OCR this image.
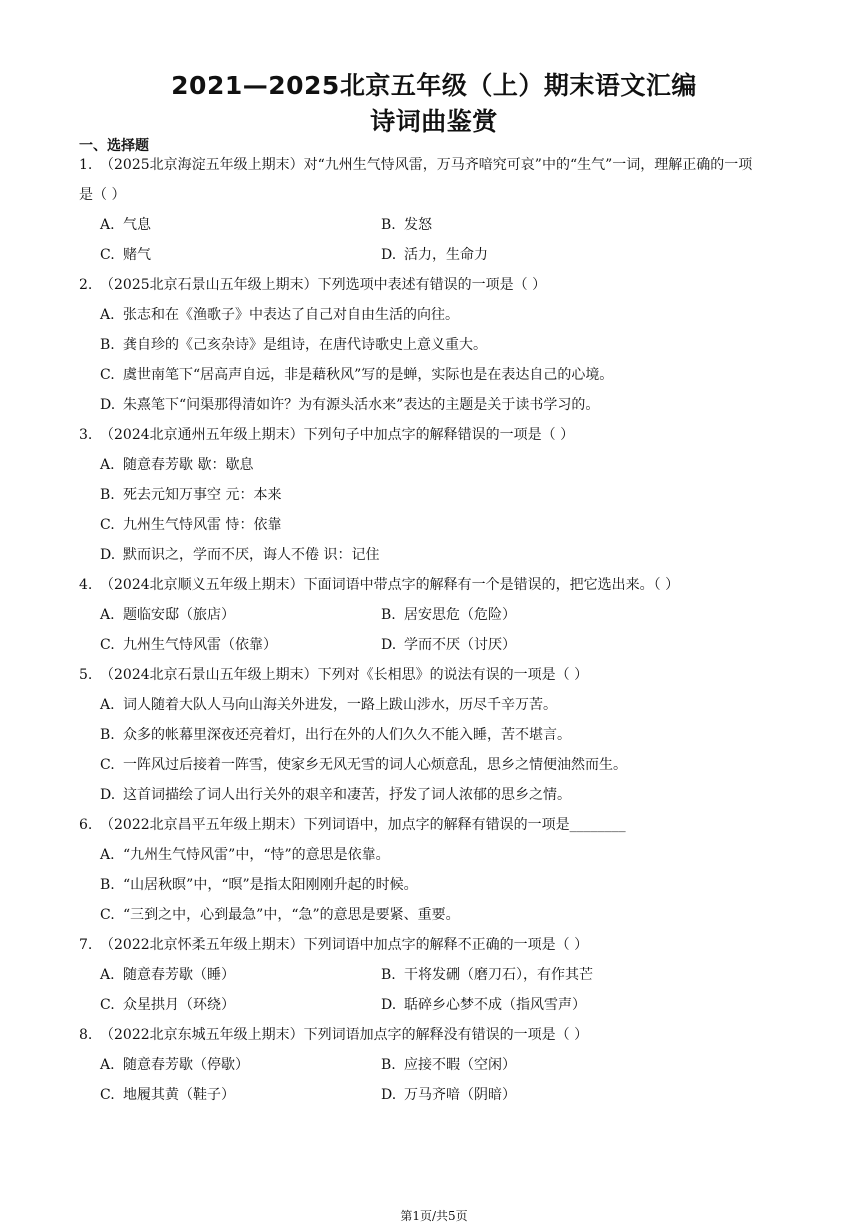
2021—2025北京五年级（上）期末语文汇编
诗词曲鉴赏
一、选择题
1. （2025北京海淀五年级上期末）对“九州生气恃风雷，万马齐喑究可哀”中的“生气”一词，理解正确的一项
是（ ）
A. 气息	B. 发怒
C. 赌气	D. 活力，生命力
2. （2025北京石景山五年级上期末）下列选项中表述有错误的一项是（ ）
A. 张志和在《渔歌子》中表达了自己对自由生活的向往。
B. 龚自珍的《己亥杂诗》是组诗，在唐代诗歌史上意义重大。
C. 虞世南笔下“居高声自远，非是藉秋风”写的是蝉，实际也是在表达自己的心境。
D. 朱熹笔下“问渠那得清如许？为有源头活水来”表达的主题是关于读书学习的。
3. （2024北京通州五年级上期末）下列句子中加点字的解释错误的一项是（ ）
A. 随意春芳歇 歇：歇息
B. 死去元知万事空 元：本来
C. 九州生气恃风雷 恃：依靠
D. 默而识之，学而不厌，诲人不倦 识：记住
4. （2024北京顺义五年级上期末）下面词语中带点字的解释有一个是错误的，把它选出来。（ ）
A. 题临安邸（旅店）	B. 居安思危（危险）
C. 九州生气恃风雷（依靠）	D. 学而不厌（讨厌）
5. （2024北京石景山五年级上期末）下列对《长相思》的说法有误的一项是（ ）
A. 词人随着大队人马向山海关外进发，一路上跋山涉水，历尽千辛万苦。
B. 众多的帐幕里深夜还亮着灯，出行在外的人们久久不能入睡，苦不堪言。
C. 一阵风过后接着一阵雪，使家乡无风无雪的词人心烦意乱，思乡之情便油然而生。
D. 这首词描绘了词人出行关外的艰辛和凄苦，抒发了词人浓郁的思乡之情。
6. （2022北京昌平五年级上期末）下列词语中，加点字的解释有错误的一项是________
A. “九州生气恃风雷”中，“恃”的意思是依靠。
B. “山居秋暝”中，“暝”是指太阳刚刚升起的时候。
C. “三到之中，心到最急”中，“急”的意思是要紧、重要。
7. （2022北京怀柔五年级上期末）下列词语中加点字的解释不正确的一项是（ ）
A. 随意春芳歇（睡）	B. 干将发硎（磨刀石），有作其芒
C. 众星拱月（环绕）	D. 聒碎乡心梦不成（指风雪声）
8. （2022北京东城五年级上期末）下列词语加点字的解释没有错误的一项是（ ）
A. 随意春芳歇（停歇）	B. 应接不暇（空闲）
C. 地履其黄（鞋子）	D. 万马齐喑（阴暗）
第1页/共5页
